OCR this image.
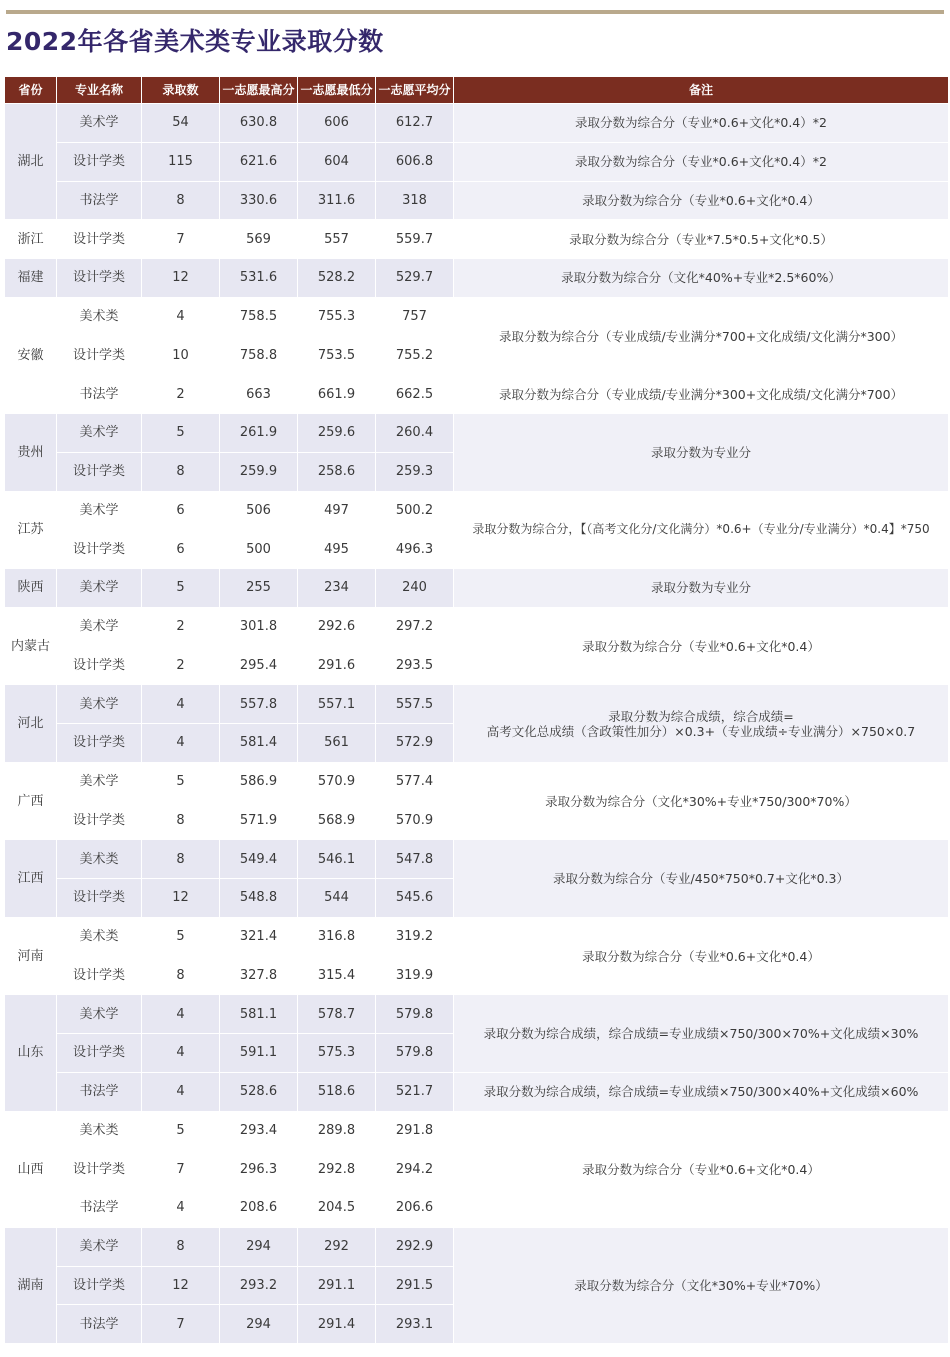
2022年各省美术类专业录取分数
省份	专业名称	录取数	一志愿最高分 一志愿最低分 一志愿平均分	备注
湖北
美术学	54	630.8	606	612.7	录取分数为综合分（专业*0.6+文化*0.4）*2
设计学类	115	621.6	604	606.8	录取分数为综合分（专业*0.6+文化*0.4）*2
书法学	8	330.6	311.6	318	录取分数为综合分（专业*0.6+文化*0.4）
浙江	设计学类	7	569	557	559.7	录取分数为综合分（专业*7.5*0.5+文化*0.5）
福建	设计学类	12	531.6	528.2	529.7	录取分数为综合分（文化*40%+专业*2.5*60%）
安徽
美术类	4	758.5	755.3	757
录取分数为综合分（专业成绩/专业满分*700+文化成绩/文化满分*300）
设计学类	10	758.8	753.5	755.2
书法学	2	663	661.9	662.5	录取分数为综合分（专业成绩/专业满分*300+文化成绩/文化满分*700）
贵州
美术学	5	261.9	259.6	260.4
录取分数为专业分
设计学类	8	259.9	258.6	259.3
江苏
美术学	6	506	497	500.2
录取分数为综合分，【（高考文化分/文化满分）*0.6+（专业分/专业满分）*0.4】*750
设计学类	6	500	495	496.3
陕西	美术学	5	255	234	240	录取分数为专业分
内蒙古
美术学	2	301.8	292.6	297.2
录取分数为综合分（专业*0.6+文化*0.4）
设计学类	2	295.4	291.6	293.5
河北
美术学	4	557.8	557.1	557.5
录取分数为综合成绩，综合成绩=
高考文化总成绩（含政策性加分）×0.3+（专业成绩÷专业满分）×750×0.7
设计学类	4	581.4	561	572.9
广西
美术学	5	586.9	570.9	577.4
录取分数为综合分（文化*30%+专业*750/300*70%）
设计学类	8	571.9	568.9	570.9
江西
美术类	8	549.4	546.1	547.8
录取分数为综合分（专业/450*750*0.7+文化*0.3）
设计学类	12	548.8	544	545.6
河南
美术类	5	321.4	316.8	319.2
录取分数为综合分（专业*0.6+文化*0.4）
设计学类	8	327.8	315.4	319.9
山东
美术学	4	581.1	578.7	579.8
录取分数为综合成绩，综合成绩=专业成绩×750/300×70%+文化成绩×30%
设计学类	4	591.1	575.3	579.8
书法学	4	528.6	518.6	521.7	录取分数为综合成绩，综合成绩=专业成绩×750/300×40%+文化成绩×60%
山西
美术类	5	293.4	289.8	291.8
录取分数为综合分（专业*0.6+文化*0.4）
设计学类	7	296.3	292.8	294.2
书法学	4	208.6	204.5	206.6
湖南
美术学	8	294	292	292.9
录取分数为综合分（文化*30%+专业*70%）
设计学类	12	293.2	291.1	291.5
书法学	7	294	291.4	293.1
